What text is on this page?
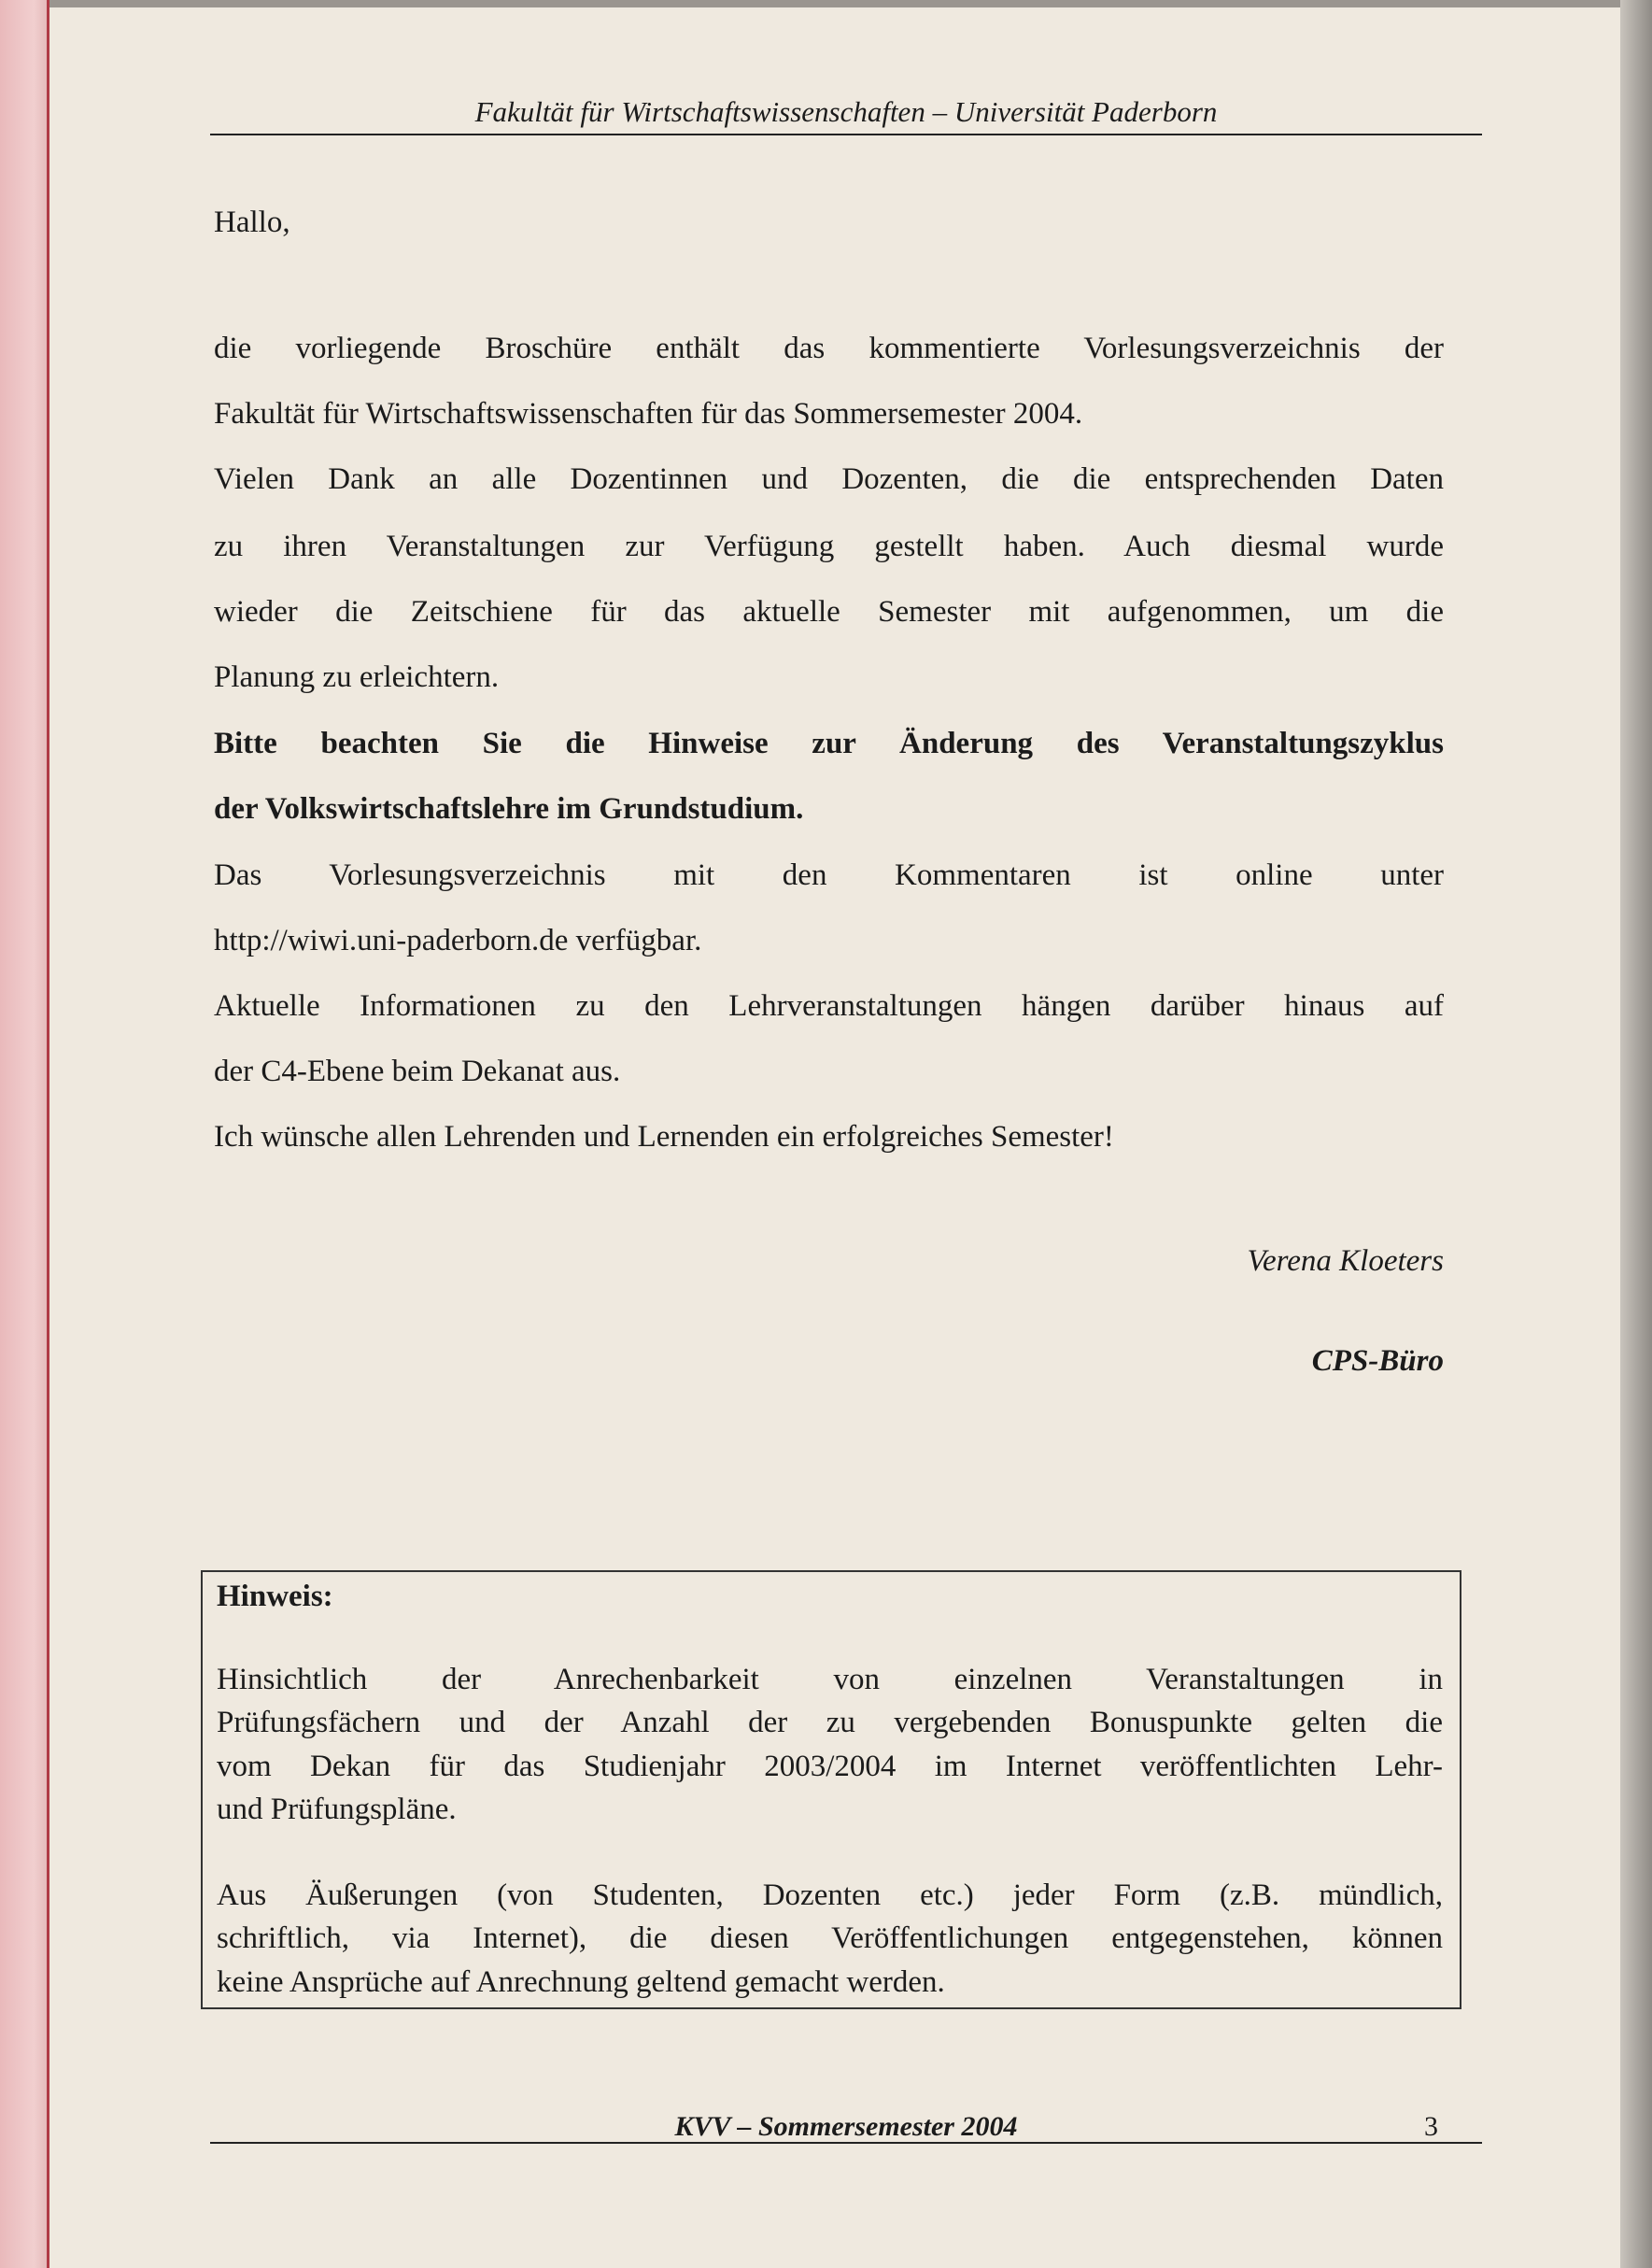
Fakultät für Wirtschaftswissenschaften – Universität Paderborn
Hallo,
die vorliegende Broschüre enthält das kommentierte Vorlesungsverzeichnis der
Fakultät für Wirtschaftswissenschaften für das Sommersemester 2004.
Vielen Dank an alle Dozentinnen und Dozenten, die die entsprechenden Daten
zu ihren Veranstaltungen zur Verfügung gestellt haben. Auch diesmal wurde
wieder die Zeitschiene für das aktuelle Semester mit aufgenommen, um die
Planung zu erleichtern.
Bitte beachten Sie die Hinweise zur Änderung des Veranstaltungszyklus
der Volkswirtschaftslehre im Grundstudium.
Das Vorlesungsverzeichnis mit den Kommentaren ist online unter
http://wiwi.uni-paderborn.de verfügbar.
Aktuelle Informationen zu den Lehrveranstaltungen hängen darüber hinaus auf
der C4-Ebene beim Dekanat aus.
Ich wünsche allen Lehrenden und Lernenden ein erfolgreiches Semester!
Verena Kloeters
CPS-Büro
Hinweis:
Hinsichtlich der Anrechenbarkeit von einzelnen Veranstaltungen in
Prüfungsfächern und der Anzahl der zu vergebenden Bonuspunkte gelten die
vom Dekan für das Studienjahr 2003/2004 im Internet veröffentlichten Lehr-
und Prüfungspläne.
Aus Äußerungen (von Studenten, Dozenten etc.) jeder Form (z.B. mündlich,
schriftlich, via Internet), die diesen Veröffentlichungen entgegenstehen, können
keine Ansprüche auf Anrechnung geltend gemacht werden.
KVV – Sommersemester 2004	3
